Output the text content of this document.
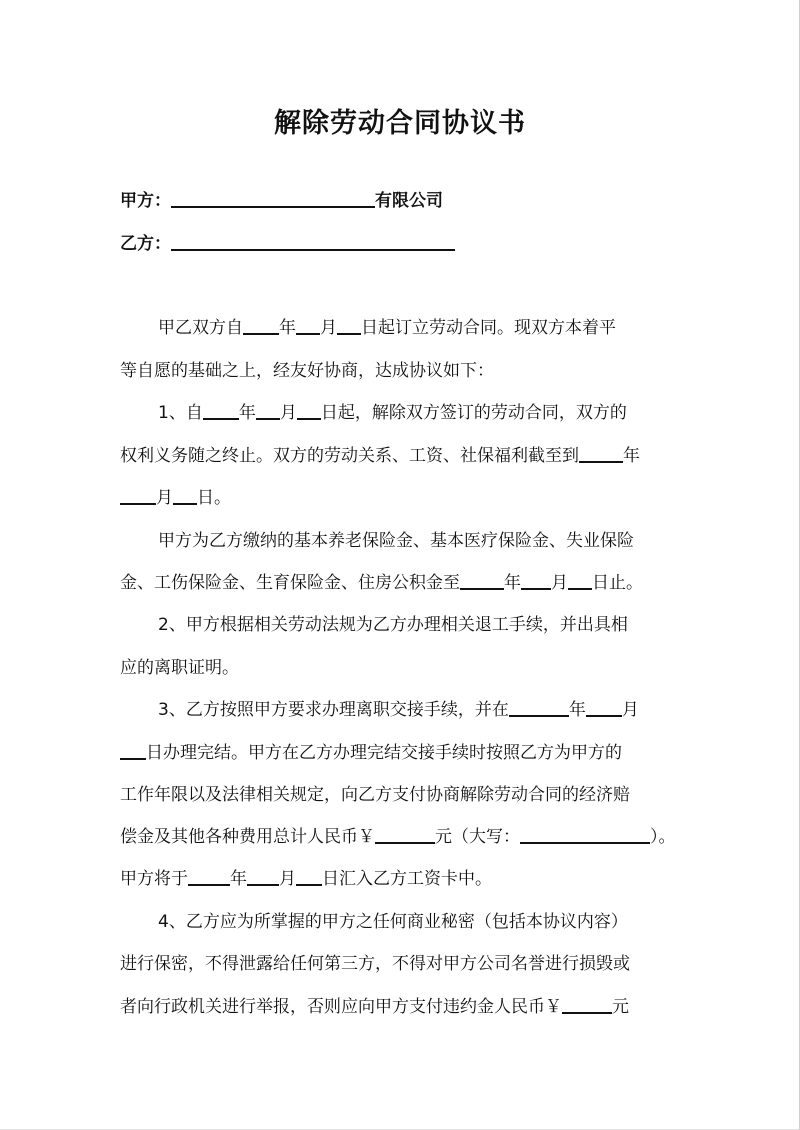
解除劳动合同协议书
甲方：	有限公司
乙方：
甲乙双方自 年 月 日起订立劳动合同。现双方本着平
等自愿的基础之上，经友好协商，达成协议如下：
1、自 年 月 日起，解除双方签订的劳动合同，双方的
权利义务随之终止。双方的劳动关系、工资、社保福利截至到	年
月 日。
甲方为乙方缴纳的基本养老保险金、基本医疗保险金、失业保险
金、工伤保险金、生育保险金、住房公积金至	年 月 日止。
2、甲方根据相关劳动法规为乙方办理相关退工手续，并出具相
应的离职证明。
3、乙方按照甲方要求办理离职交接手续，并在	年 月
日办理完结。甲方在乙方办理完结交接手续时按照乙方为甲方的
工作年限以及法律相关规定，向乙方支付协商解除劳动合同的经济赔
偿金及其他各种费用总计人民币￥	元（大写：	）。
甲方将于 年 月 日汇入乙方工资卡中。
4、乙方应为所掌握的甲方之任何商业秘密（包括本协议内容）
进行保密，不得泄露给任何第三方，不得对甲方公司名誉进行损毁或
者向行政机关进行举报，否则应向甲方支付违约金人民币￥	元
